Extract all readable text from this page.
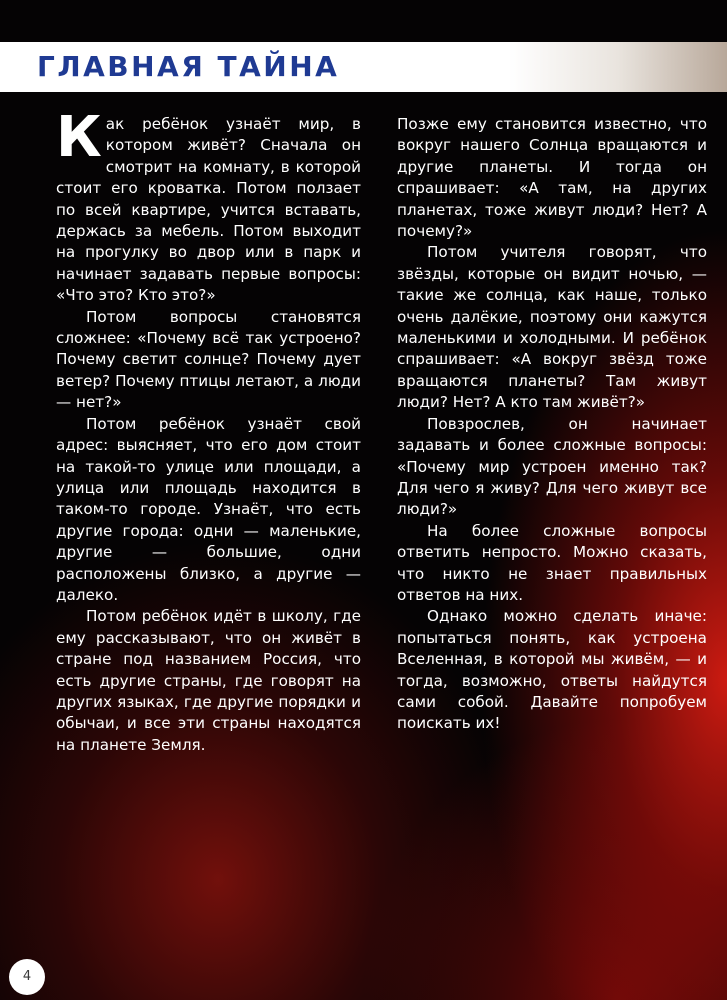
ГЛАВНАЯ ТАЙНА

Как ребёнок узнаёт мир, в котором живёт? Сначала он смотрит на комнату, в которой стоит его кроватка. Потом ползает по всей квартире, учится вставать, держась за мебель. Потом выходит на прогулку во двор или в парк и начинает задавать первые вопросы: «Что это? Кто это?»

Потом вопросы становятся сложнее: «Почему всё так устроено? Почему светит солнце? Почему дует ветер? Почему птицы летают, а люди — нет?»

Потом ребёнок узнаёт свой адрес: выясняет, что его дом стоит на такой-то улице или площади, а улица или площадь находится в таком-то городе. Узнаёт, что есть другие города: одни — маленькие, другие — большие, одни расположены близко, а другие — далеко.

Потом ребёнок идёт в школу, где ему рассказывают, что он живёт в стране под названием Россия, что есть другие страны, где говорят на других языках, где другие порядки и обычаи, и все эти страны находятся на планете Земля.

Позже ему становится известно, что вокруг нашего Солнца вращаются и другие планеты. И тогда он спрашивает: «А там, на других планетах, тоже живут люди? Нет? А почему?»

Потом учителя говорят, что звёзды, которые он видит ночью, — такие же солнца, как наше, только очень далёкие, поэтому они кажутся маленькими и холодными. И ребёнок спрашивает: «А вокруг звёзд тоже вращаются планеты? Там живут люди? Нет? А кто там живёт?»

Повзрослев, он начинает задавать и более сложные вопросы: «Почему мир устроен именно так? Для чего я живу? Для чего живут все люди?»

На более сложные вопросы ответить непросто. Можно сказать, что никто не знает правильных ответов на них.

Однако можно сделать иначе: попытаться понять, как устроена Вселенная, в которой мы живём, — и тогда, возможно, ответы найдутся сами собой. Давайте попробуем поискать их!

4
